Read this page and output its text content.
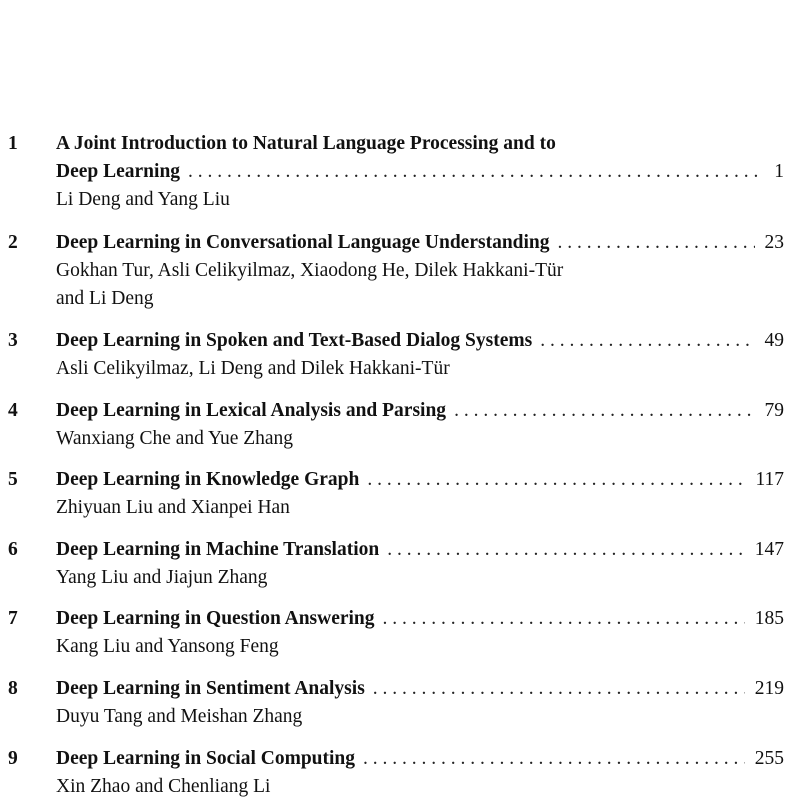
1	A Joint Introduction to Natural Language Processing and to
Deep Learning . . .	1
Li Deng and Yang Liu
2	Deep Learning in Conversational Language Understanding . . .	23
Gokhan Tur, Asli Celikyilmaz, Xiaodong He, Dilek Hakkani-Tür
and Li Deng
3	Deep Learning in Spoken and Text-Based Dialog Systems . . .	49
Asli Celikyilmaz, Li Deng and Dilek Hakkani-Tür
4	Deep Learning in Lexical Analysis and Parsing . . .	79
Wanxiang Che and Yue Zhang
5	Deep Learning in Knowledge Graph . . .	117
Zhiyuan Liu and Xianpei Han
6	Deep Learning in Machine Translation . . .	147
Yang Liu and Jiajun Zhang
7	Deep Learning in Question Answering . . .	185
Kang Liu and Yansong Feng
8	Deep Learning in Sentiment Analysis . . .	219
Duyu Tang and Meishan Zhang
9	Deep Learning in Social Computing . . .	255
Xin Zhao and Chenliang Li
